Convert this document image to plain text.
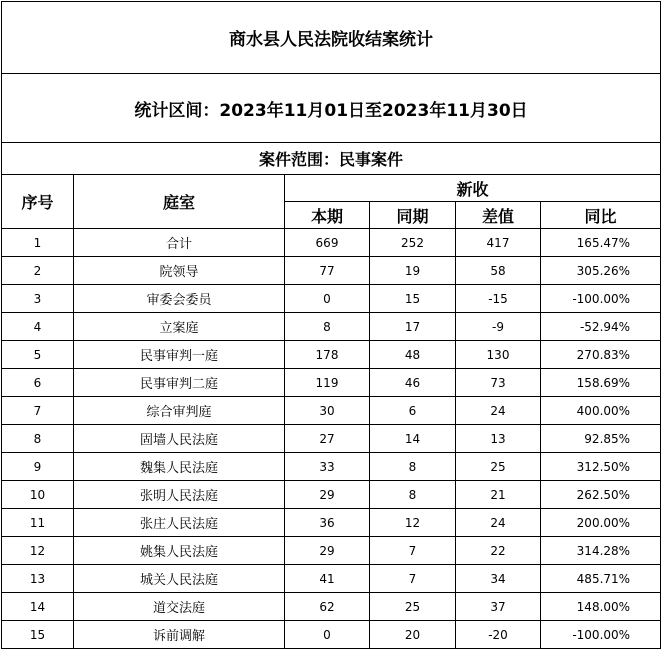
商水县人民法院收结案统计					
统计区间：2023年11月01日至2023年11月30日					
案件范围：民事案件					
序号	庭室	新收			
		本期	同期	差值	同比
1	合计	669	252	417	165.47%
2	院领导	77	19	58	305.26%
3	审委会委员	0	15	-15	-100.00%
4	立案庭	8	17	-9	-52.94%
5	民事审判一庭	178	48	130	270.83%
6	民事审判二庭	119	46	73	158.69%
7	综合审判庭	30	6	24	400.00%
8	固墙人民法庭	27	14	13	92.85%
9	魏集人民法庭	33	8	25	312.50%
10	张明人民法庭	29	8	21	262.50%
11	张庄人民法庭	36	12	24	200.00%
12	姚集人民法庭	29	7	22	314.28%
13	城关人民法庭	41	7	34	485.71%
14	道交法庭	62	25	37	148.00%
15	诉前调解	0	20	-20	-100.00%
